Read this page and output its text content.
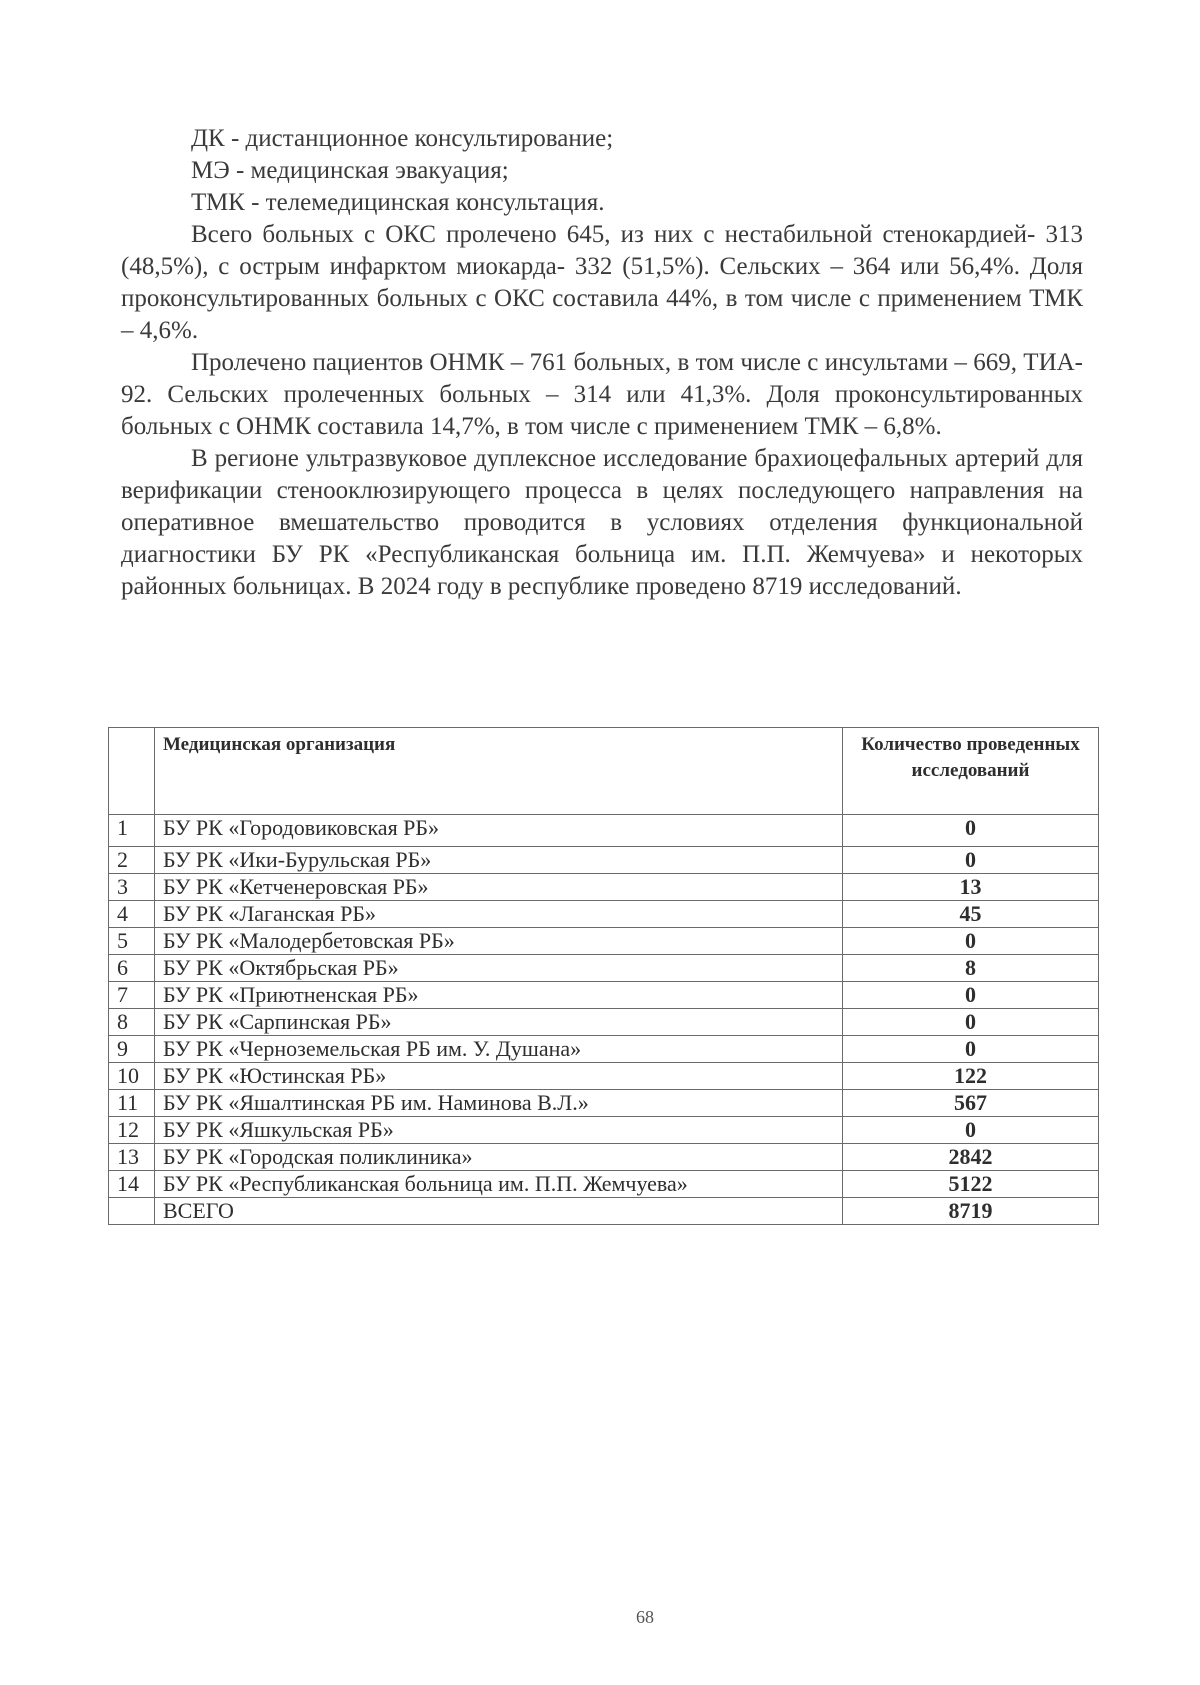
ДК - дистанционное консультирование;

МЭ - медицинская эвакуация;

ТМК - телемедицинская консультация.

Всего больных с ОКС пролечено 645, из них с нестабильной стенокардией- 313 (48,5%), с острым инфарктом миокарда- 332 (51,5%). Сельских – 364 или 56,4%. Доля проконсультированных больных с ОКС составила 44%, в том числе с применением ТМК – 4,6%.

Пролечено пациентов ОНМК – 761 больных, в том числе с инсультами – 669, ТИА- 92. Сельских пролеченных больных – 314 или 41,3%. Доля проконсультированных больных с ОНМК составила 14,7%, в том числе с применением ТМК – 6,8%.

В регионе ультразвуковое дуплексное исследование брахиоцефальных артерий для верификации стенооклюзирующего процесса в целях последующего направления на оперативное вмешательство проводится в условиях отделения функциональной диагностики БУ РК «Республиканская больница им. П.П. Жемчуева» и некоторых районных больницах. В 2024 году в республике проведено 8719 исследований.

	Медицинская организация	Количество проведенных исследований
1	БУ РК «Городовиковская РБ»	0
2	БУ РК «Ики-Бурульская РБ»	0
3	БУ РК «Кетченеровская РБ»	13
4	БУ РК «Лаганская РБ»	45
5	БУ РК «Малодербетовская РБ»	0
6	БУ РК «Октябрьская РБ»	8
7	БУ РК «Приютненская РБ»	0
8	БУ РК «Сарпинская РБ»	0
9	БУ РК «Черноземельская РБ им. У. Душана»	0
10	БУ РК «Юстинская РБ»	122
11	БУ РК «Яшалтинская РБ им. Наминова В.Л.»	567
12	БУ РК «Яшкульская РБ»	0
13	БУ РК «Городская поликлиника»	2842
14	БУ РК «Республиканская больница им. П.П. Жемчуева»	5122
	ВСЕГО	8719
68
